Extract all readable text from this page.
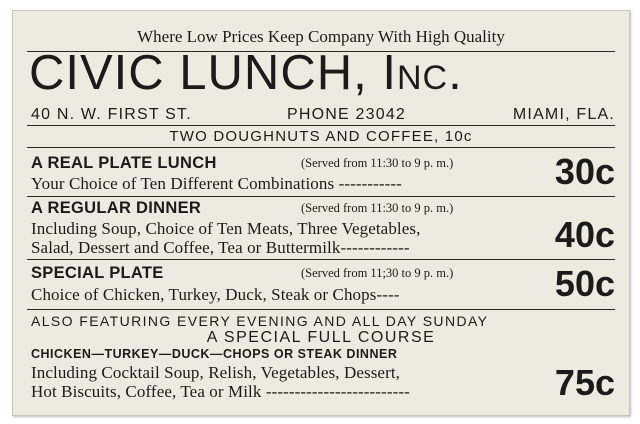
Where Low Prices Keep Company With High Quality
CIVIC LUNCH, Inc.
40 N. W. FIRST ST.	PHONE 23042	MIAMI, FLA.
TWO DOUGHNUTS AND COFFEE, 10c
A REAL PLATE LUNCH	(Served from 11:30 to 9 p. m.)
Your Choice of Ten Different Combinations -----------	30c
A REGULAR DINNER	(Served from 11:30 to 9 p. m.)
Including Soup, Choice of Ten Meats, Three Vegetables,
Salad, Dessert and Coffee, Tea or Buttermilk------------	40c
SPECIAL PLATE	(Served from 11;30 to 9 p. m.)
Choice of Chicken, Turkey, Duck, Steak or Chops----	50c
ALSO FEATURING EVERY EVENING AND ALL DAY SUNDAY
A SPECIAL FULL COURSE
CHICKEN—TURKEY—DUCK—CHOPS OR STEAK DINNER
Including Cocktail Soup, Relish, Vegetables, Dessert,
Hot Biscuits, Coffee, Tea or Milk -------------------------	75c
